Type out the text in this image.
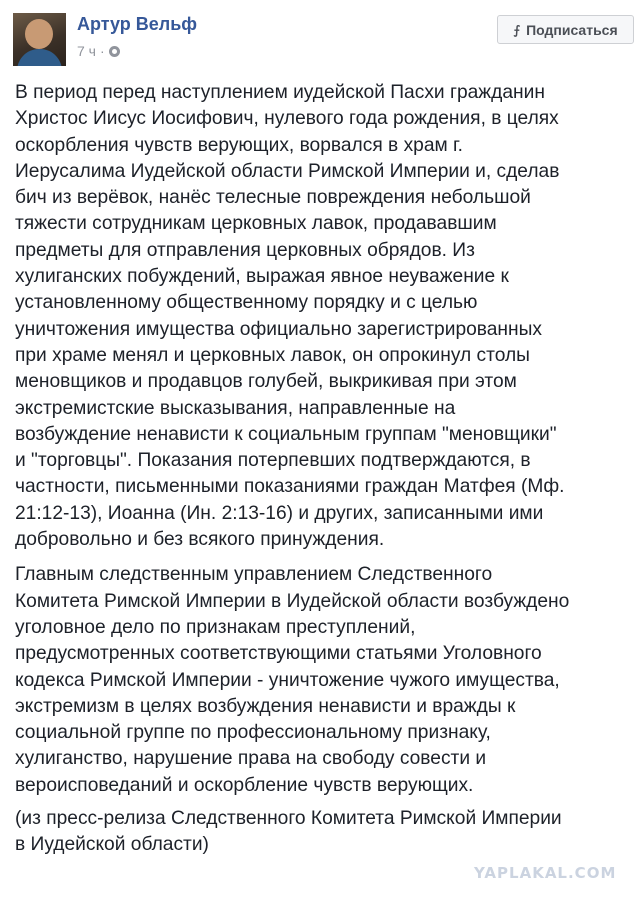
Артур Вельф
7 ч ·
⨍ Подписаться

В период перед наступлением иудейской Пасхи гражданин
Христос Иисус Иосифович, нулевого года рождения, в целях
оскорбления чувств верующих, ворвался в храм г.
Иерусалима Иудейской области Римской Империи и, сделав
бич из верёвок, нанёс телесные повреждения небольшой
тяжести сотрудникам церковных лавок, продававшим
предметы для отправления церковных обрядов. Из
хулиганских побуждений, выражая явное неуважение к
установленному общественному порядку и с целью
уничтожения имущества официально зарегистрированных
при храме менял и церковных лавок, он опрокинул столы
меновщиков и продавцов голубей, выкрикивая при этом
экстремистские высказывания, направленные на
возбуждение ненависти к социальным группам "меновщики"
и "торговцы". Показания потерпевших подтверждаются, в
частности, письменными показаниями граждан Матфея (Мф.
21:12-13), Иоанна (Ин. 2:13-16) и других, записанными ими
добровольно и без всякого принуждения.

Главным следственным управлением Следственного
Комитета Римской Империи в Иудейской области возбуждено
уголовное дело по признакам преступлений,
предусмотренных соответствующими статьями Уголовного
кодекса Римской Империи - уничтожение чужого имущества,
экстремизм в целях возбуждения ненависти и вражды к
социальной группе по профессиональному признаку,
хулиганство, нарушение права на свободу совести и
вероисповеданий и оскорбление чувств верующих.

(из пресс-релиза Следственного Комитета Римской Империи
в Иудейской области)

YAPLAKAL.COM
